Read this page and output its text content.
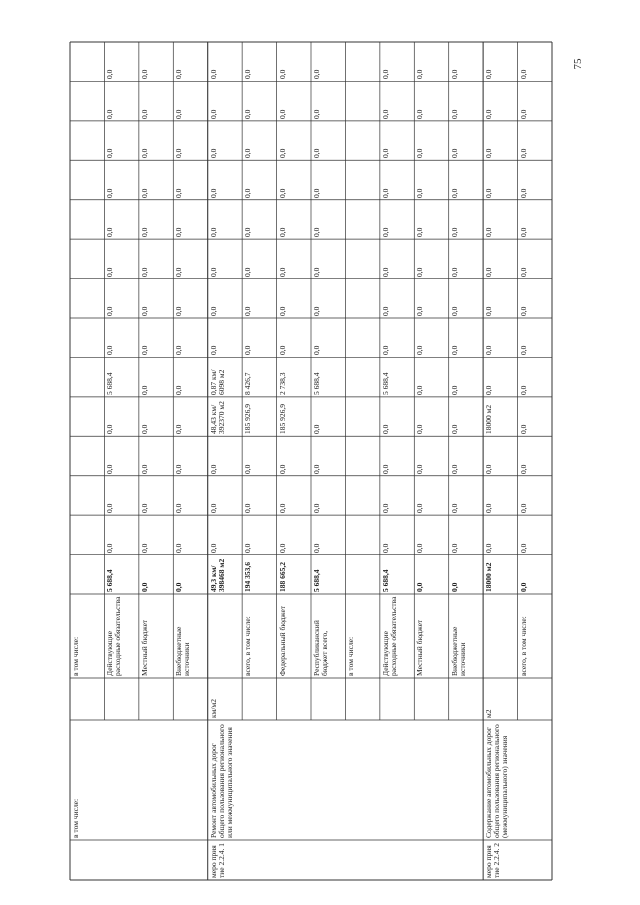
75
в том числе:	Действующие расходные обязательства
5 688,4
0,0
0,0
0,0
0,0
5 688,4
0,0
0,0
0,0
0,0
0,0
0,0
0,0
0,0
Местный бюджет
0,0
0,0
0,0
0,0
0,0
0,0
0,0
0,0
0,0
0,0
0,0
0,0
0,0
0,0
Внебюджетные источники
0,0
0,0
0,0
0,0
0,0
0,0
0,0
0,0
0,0
0,0
0,0
0,0
0,0
0,0
км/м2
49,3 км/ 398468 м2
0,0
0,0
0,0
48,43 км/ 392370 м2
0,87 км/ 6098 м2
0,0
0,0
0,0
0,0
0,0
0,0
0,0
0,0
всего, в том числе:
194 353,6
0,0
0,0
0,0
185 926,9
8 426,7
0,0
0,0
0,0
0,0
0,0
0,0
0,0
0,0
Федеральный бюджет
188 665,2
0,0
0,0
0,0
185 926,9
2 738,3
0,0
0,0
0,0
0,0
0,0
0,0
0,0
0,0
Республиканский бюджет всего,
5 688,4
0,0
0,0
0,0
0,0
5 688,4
0,0
0,0
0,0
0,0
0,0
0,0
0,0
0,0
в том числе:	Действующие расходные обязательства
5 688,4
0,0
0,0
0,0
0,0
5 688,4
0,0
0,0
0,0
0,0
0,0
0,0
0,0
0,0
Местный бюджет
0,0
0,0
0,0
0,0
0,0
0,0
0,0
0,0
0,0
0,0
0,0
0,0
0,0
0,0
Внебюджетные источники
0,0
0,0
0,0
0,0
0,0
0,0
0,0
0,0
0,0
0,0
0,0
0,0
0,0
0,0
м2
18000 м2
0,0
0,0
0,0
18000 м2
0,0
0,0
0,0
0,0
0,0
0,0
0,0
0,0
0,0
всего, в том числе:
0,0
0,0
0,0
0,0
0,0
0,0
0,0
0,0
0,0
0,0
0,0
0,0
0,0
0,0
в том числе:
меро прия тие 2.2.4. 1
Ремонт автомобильных дорог общего пользования регионального или межмуниципального значения
меро прия тие 2.2.4. 2
Содержание автомобильных дорог общего пользования регионального (межмуниципального) значения
